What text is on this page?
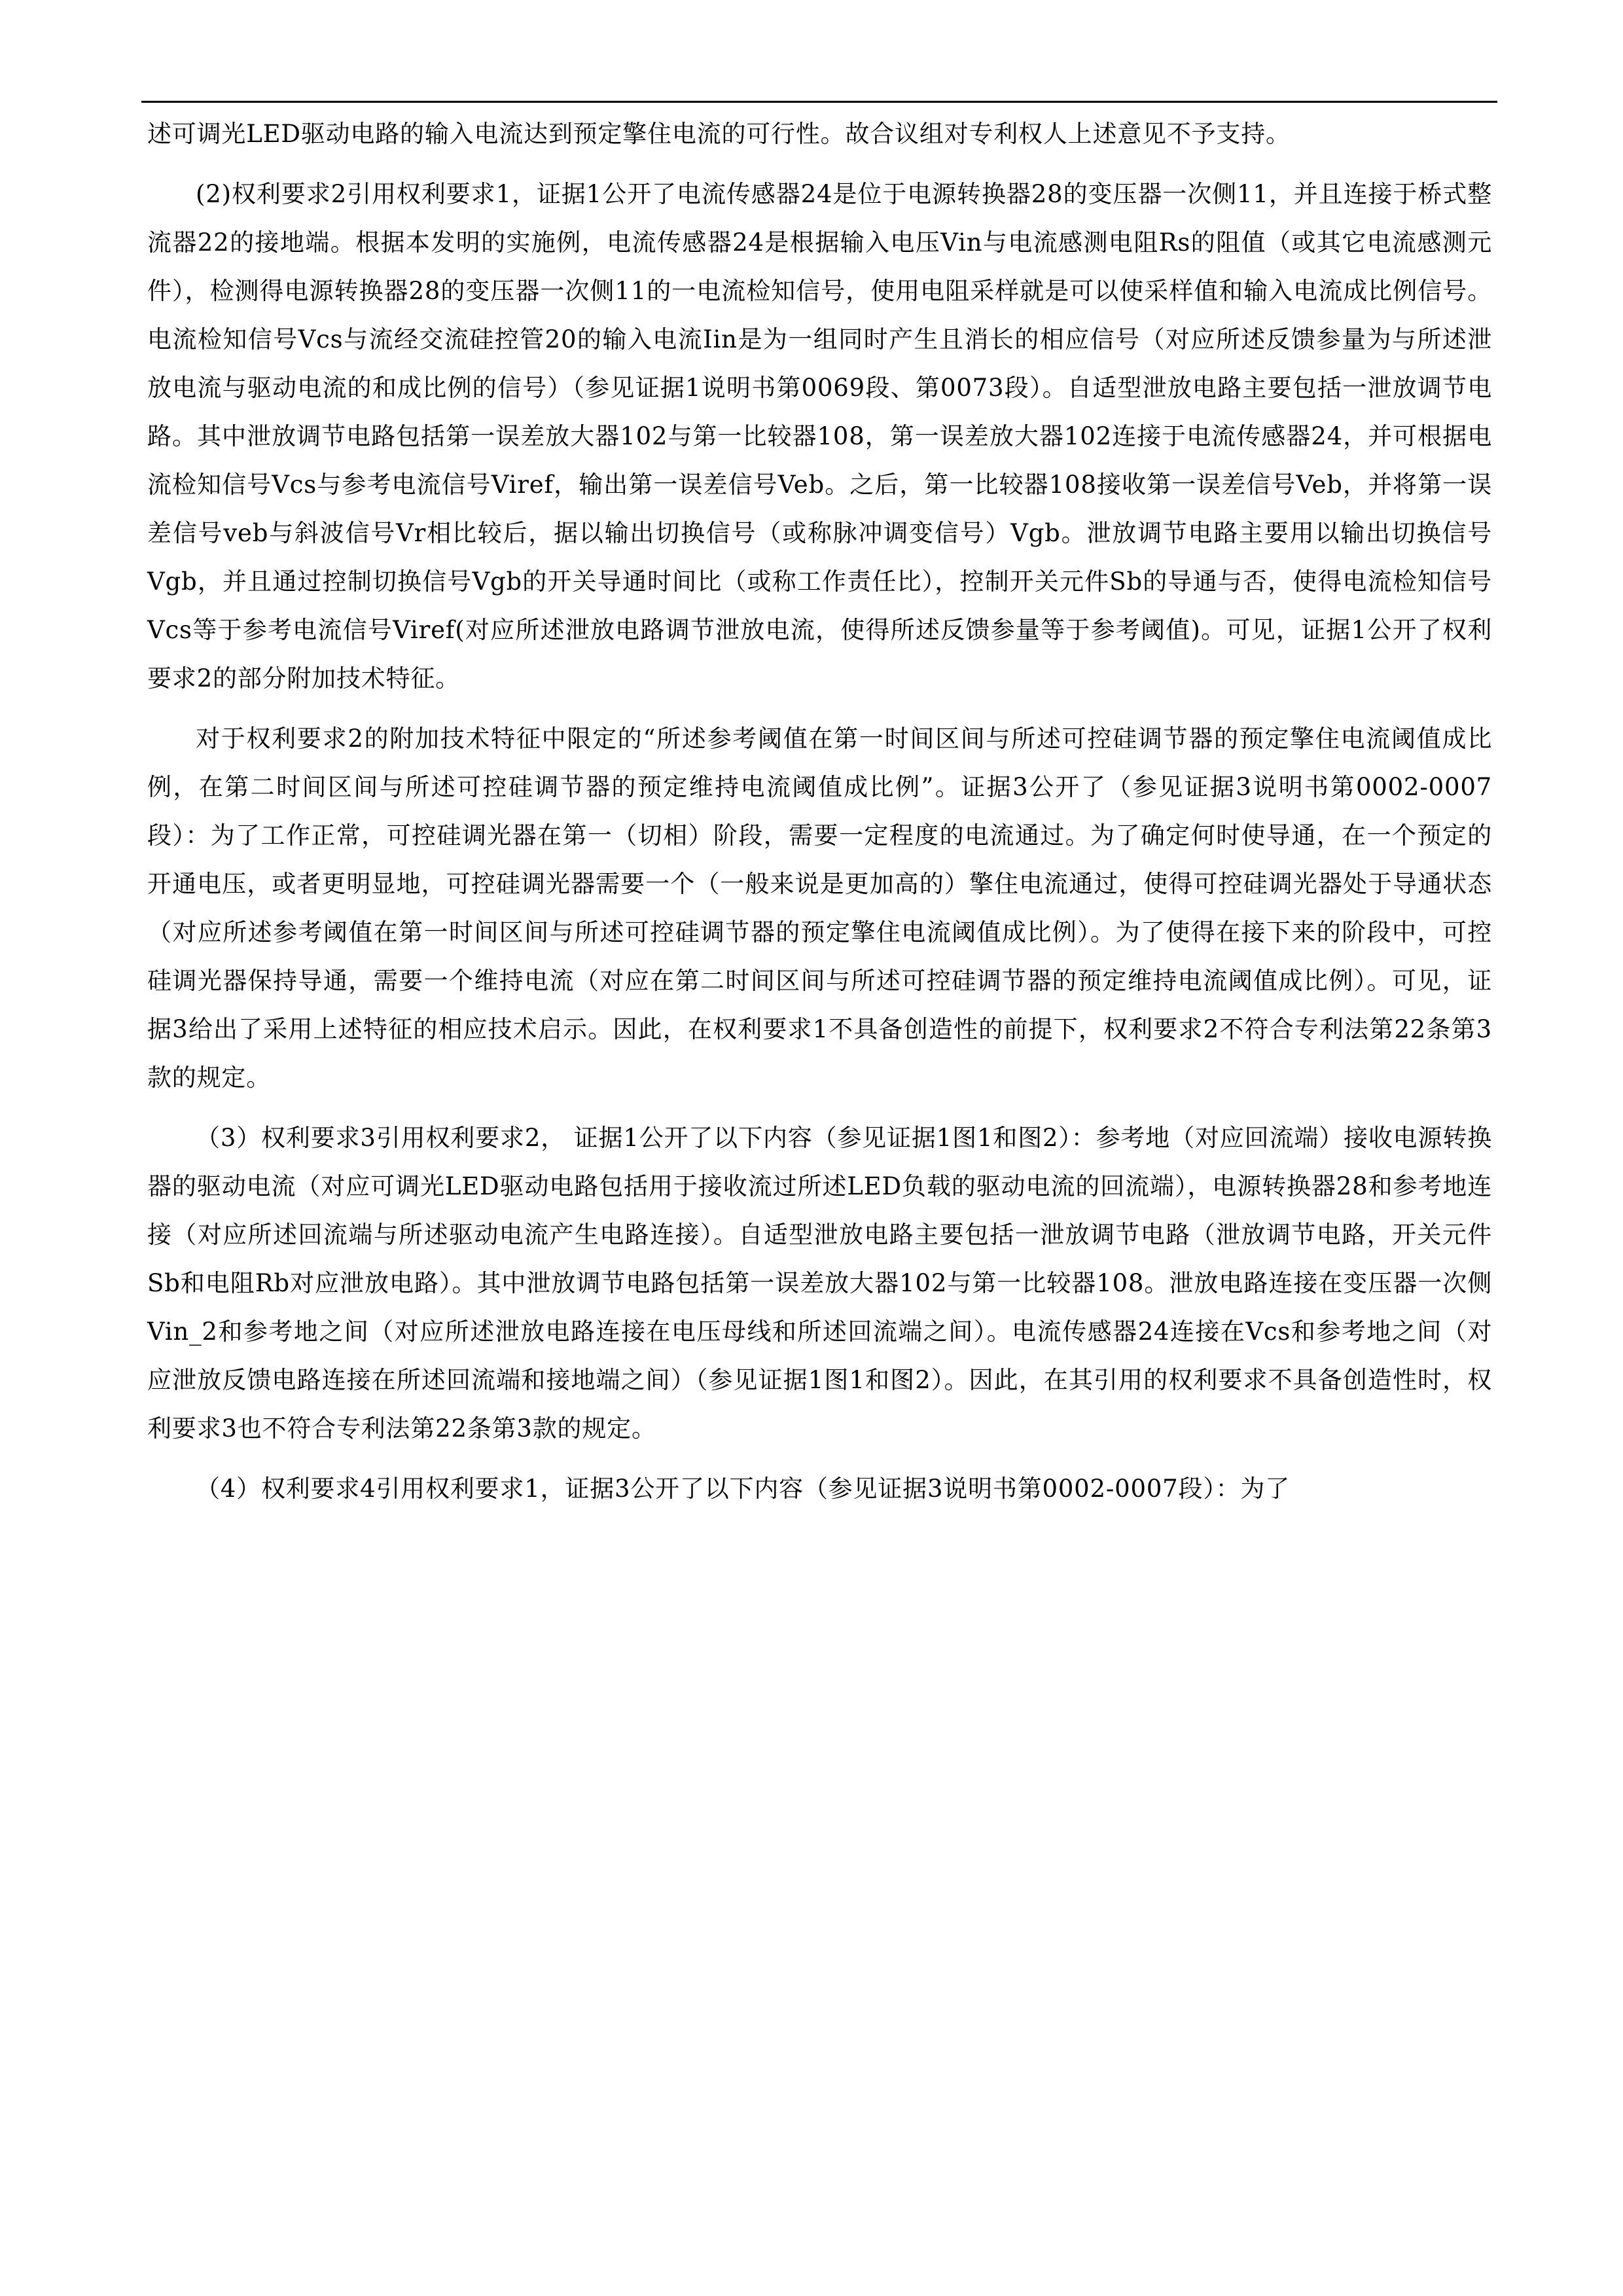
述可调光LED驱动电路的输入电流达到预定擎住电流的可行性。故合议组对专利权人上述意见不予支持。

(2)权利要求2引用权利要求1，证据1公开了电流传感器24是位于电源转换器28的变压器一次侧11，并且连接于桥式整流器22的接地端。根据本发明的实施例，电流传感器24是根据输入电压Vin与电流感测电阻Rs的阻值（或其它电流感测元件），检测得电源转换器28的变压器一次侧11的一电流检知信号，使用电阻采样就是可以使采样值和输入电流成比例信号。电流检知信号Vcs与流经交流硅控管20的输入电流Iin是为一组同时产生且消长的相应信号（对应所述反馈参量为与所述泄放电流与驱动电流的和成比例的信号）（参见证据1说明书第0069段、第0073段）。自适型泄放电路主要包括一泄放调节电路。其中泄放调节电路包括第一误差放大器102与第一比较器108，第一误差放大器102连接于电流传感器24，并可根据电流检知信号Vcs与参考电流信号Viref，输出第一误差信号Veb。之后，第一比较器108接收第一误差信号Veb，并将第一误差信号veb与斜波信号Vr相比较后，据以输出切换信号（或称脉冲调变信号）Vgb。泄放调节电路主要用以输出切换信号Vgb，并且通过控制切换信号Vgb的开关导通时间比（或称工作责任比），控制开关元件Sb的导通与否，使得电流检知信号Vcs等于参考电流信号Viref(对应所述泄放电路调节泄放电流，使得所述反馈参量等于参考阈值)。可见，证据1公开了权利要求2的部分附加技术特征。

对于权利要求2的附加技术特征中限定的“所述参考阈值在第一时间区间与所述可控硅调节器的预定擎住电流阈值成比例，在第二时间区间与所述可控硅调节器的预定维持电流阈值成比例”。证据3公开了（参见证据3说明书第0002-0007段）：为了工作正常，可控硅调光器在第一（切相）阶段，需要一定程度的电流通过。为了确定何时使导通，在一个预定的开通电压，或者更明显地，可控硅调光器需要一个（一般来说是更加高的）擎住电流通过，使得可控硅调光器处于导通状态（对应所述参考阈值在第一时间区间与所述可控硅调节器的预定擎住电流阈值成比例）。为了使得在接下来的阶段中，可控硅调光器保持导通，需要一个维持电流（对应在第二时间区间与所述可控硅调节器的预定维持电流阈值成比例）。可见，证据3给出了采用上述特征的相应技术启示。因此，在权利要求1不具备创造性的前提下，权利要求2不符合专利法第22条第3款的规定。

（3）权利要求3引用权利要求2， 证据1公开了以下内容（参见证据1图1和图2）：参考地（对应回流端）接收电源转换器的驱动电流（对应可调光LED驱动电路包括用于接收流过所述LED负载的驱动电流的回流端），电源转换器28和参考地连接（对应所述回流端与所述驱动电流产生电路连接）。自适型泄放电路主要包括一泄放调节电路（泄放调节电路，开关元件Sb和电阻Rb对应泄放电路）。其中泄放调节电路包括第一误差放大器102与第一比较器108。泄放电路连接在变压器一次侧Vin_2和参考地之间（对应所述泄放电路连接在电压母线和所述回流端之间）。电流传感器24连接在Vcs和参考地之间（对应泄放反馈电路连接在所述回流端和接地端之间）（参见证据1图1和图2）。因此，在其引用的权利要求不具备创造性时，权利要求3也不符合专利法第22条第3款的规定。

（4）权利要求4引用权利要求1，证据3公开了以下内容（参见证据3说明书第0002-0007段）：为了
